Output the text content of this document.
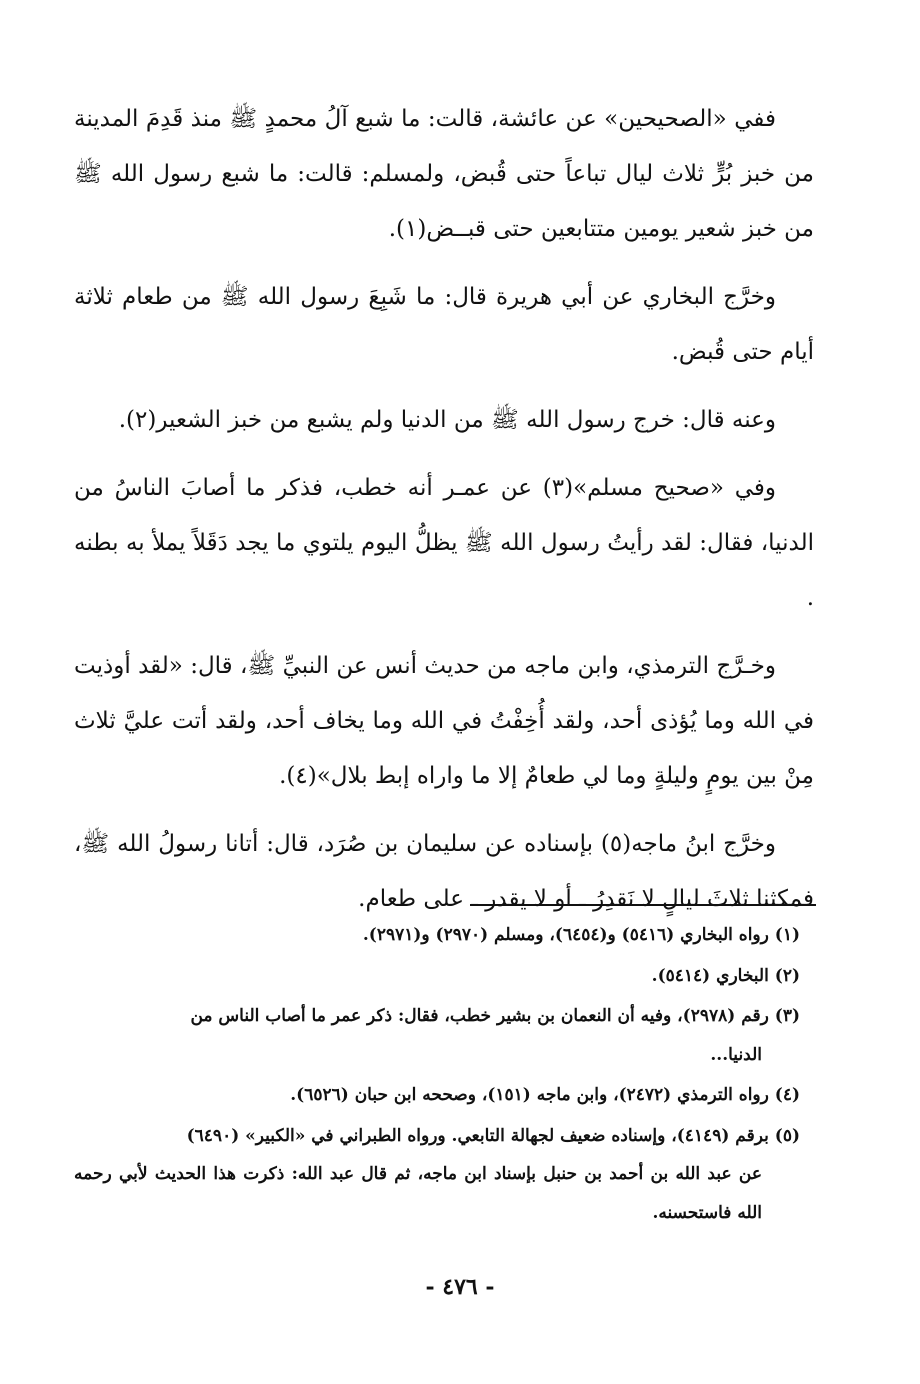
ففي «الصحيحين» عن عائشة، قالت: ما شبع آلُ محمدٍ ﷺ منذ قَدِمَ المدينة من خبز بُرٍّ ثلاث ليال تباعاً حتى قُبض، ولمسلم: قالت: ما شبع رسول الله ﷺ من خبز شعير يومين متتابعين حتى قبــض(١).

وخرَّج البخاري عن أبي هريرة قال: ما شَبِعَ رسول الله ﷺ من طعام ثلاثة أيام حتى قُبض.

وعنه قال: خرج رسول الله ﷺ من الدنيا ولم يشبع من خبز الشعير(٢).

وفي «صحيح مسلم»(٣) عن عمـر أنه خطب، فذكر ما أصابَ الناسُ من الدنيا، فقال: لقد رأيتُ رسول الله ﷺ يظلُّ اليوم يلتوي ما يجد دَقَلاً يملأ به بطنه .

وخـرَّج الترمذي، وابن ماجه من حديث أنس عن النبيِّ ﷺ، قال: «لقد أوذيت في الله وما يُؤذى أحد، ولقد أُخِفْتُ في الله وما يخاف أحد، ولقد أتت عليَّ ثلاث مِنْ بين يومٍ وليلةٍ وما لي طعامٌ إلا ما واراه إبط بلال»(٤).

وخرَّج ابنُ ماجه(٥) بإسناده عن سليمان بن صُرَد، قال: أتانا رسولُ الله ﷺ، فمكثنا ثلاثَ ليالٍ لا نَقدِرُ ـ أو لا يقدر ـ على طعام.

(١) رواه البخاري (٥٤١٦) و(٦٤٥٤)، ومسلم (٢٩٧٠) و(٢٩٧١).
(٢) البخاري (٥٤١٤).
(٣) رقم (٢٩٧٨)، وفيه أن النعمان بن بشير خطب، فقال: ذكر عمر ما أصاب الناس من
الدنيا...
(٤) رواه الترمذي (٢٤٧٢)، وابن ماجه (١٥١)، وصححه ابن حبان (٦٥٢٦).
(٥) برقم (٤١٤٩)، وإسناده ضعيف لجهالة التابعي. ورواه الطبراني في «الكبير» (٦٤٩٠)
عن عبد الله بن أحمد بن حنبل بإسناد ابن ماجه، ثم قال عبد الله: ذكرت هذا الحديث لأبي رحمه الله فاستحسنه.
- ٤٧٦ -
